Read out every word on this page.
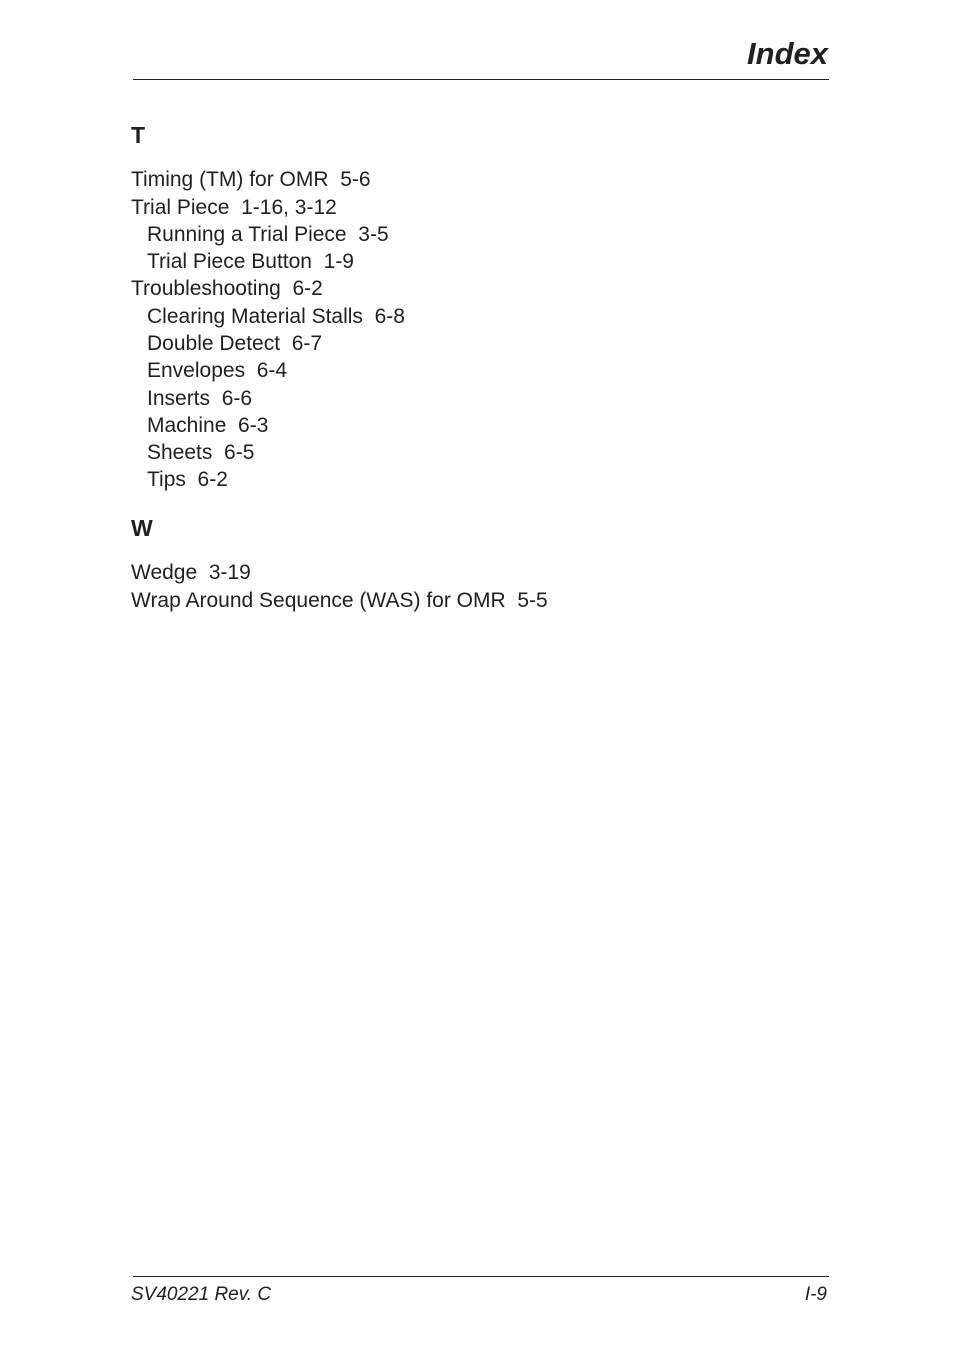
Index
T
Timing (TM) for OMR  5-6
Trial Piece  1-16, 3-12
Running a Trial Piece  3-5
Trial Piece Button  1-9
Troubleshooting  6-2
Clearing Material Stalls  6-8
Double Detect  6-7
Envelopes  6-4
Inserts  6-6
Machine  6-3
Sheets  6-5
Tips  6-2
W
Wedge  3-19
Wrap Around Sequence (WAS) for OMR  5-5
SV40221 Rev. C	I-9
